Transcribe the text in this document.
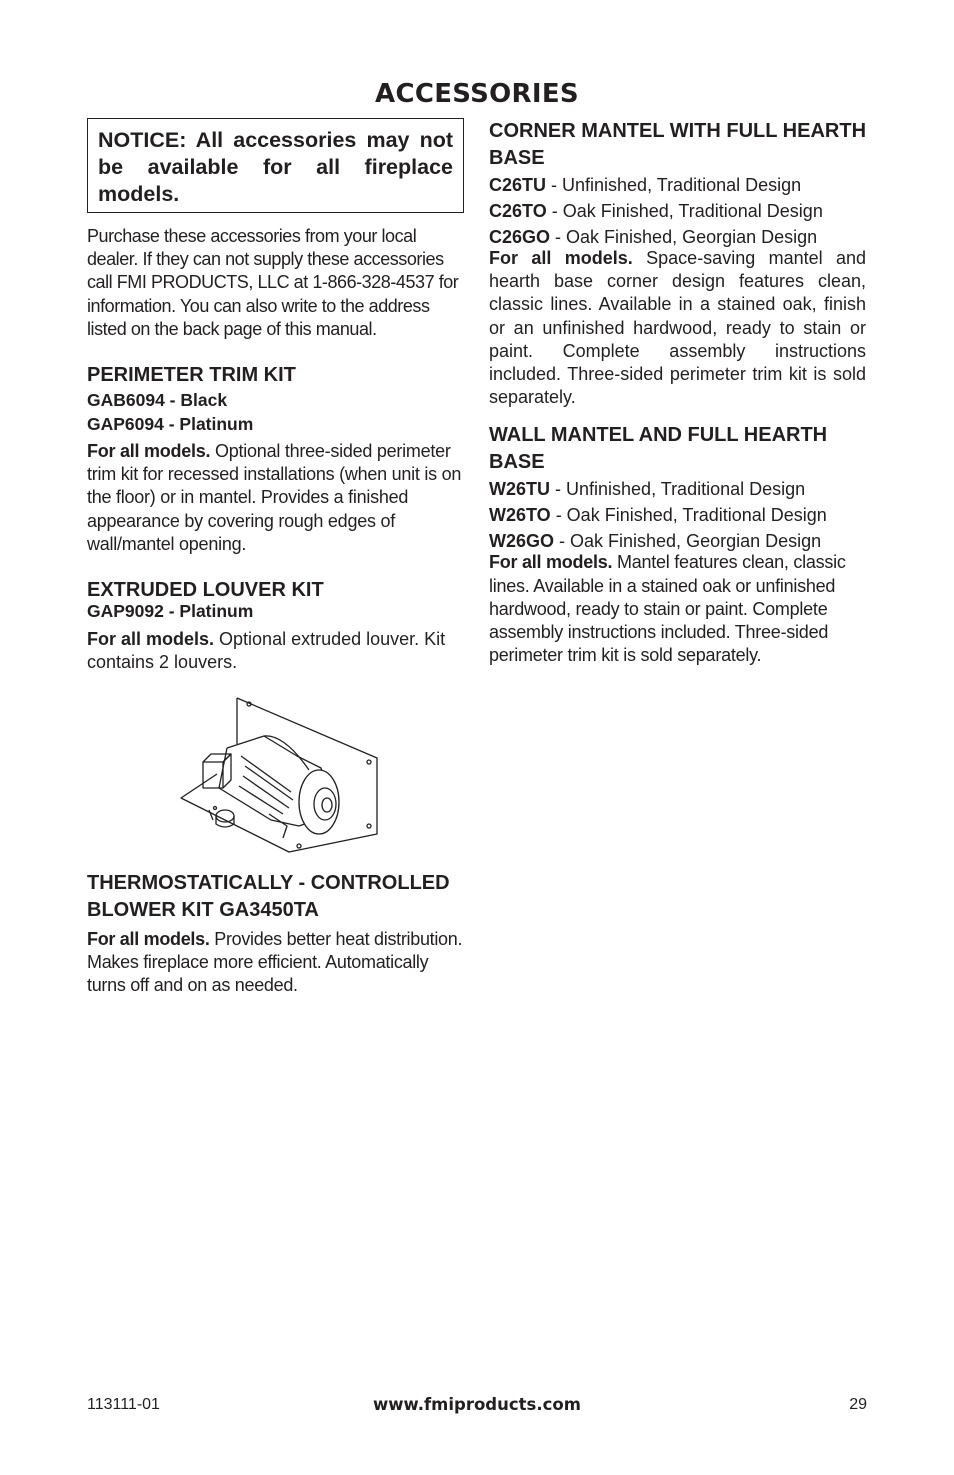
ACCESSORIES
NOTICE: All accessories may not be available for all fireplace models.

Purchase these accessories from your local dealer. If they can not supply these accessories call FMI PRODUCTS, LLC at 1-866-328-4537 for information. You can also write to the address listed on the back page of this manual.

PERIMETER TRIM KIT

GAB6094 - Black

GAP6094 - Platinum

For all models. Optional three-sided perimeter trim kit for recessed installations (when unit is on the floor) or in mantel. Provides a finished appearance by covering rough edges of wall/mantel opening.

EXTRUDED LOUVER KIT

GAP9092 - Platinum

For all models. Optional extruded louver. Kit contains 2 louvers.

THERMOSTATICALLY - CONTROLLED BLOWER KIT GA3450TA

For all models. Provides better heat distribution. Makes fireplace more efficient. Automatically turns off and on as needed.

CORNER MANTEL WITH FULL HEARTH BASE

C26TU - Unfinished, Traditional Design

C26TO - Oak Finished, Traditional Design

C26GO - Oak Finished, Georgian Design

For all models. Space-saving mantel and hearth base corner design features clean, classic lines. Available in a stained oak, finish or an unfinished hardwood, ready to stain or paint. Complete assembly instructions included. Three-sided perimeter trim kit is sold separately.

WALL MANTEL AND FULL HEARTH BASE

W26TU - Unfinished, Traditional Design

W26TO - Oak Finished, Traditional Design

W26GO - Oak Finished, Georgian Design

For all models. Mantel features clean, classic lines. Available in a stained oak or unfinished hardwood, ready to stain or paint. Complete assembly instructions included. Three-sided perimeter trim kit is sold separately.

113111-01	www.fmiproducts.com	29
